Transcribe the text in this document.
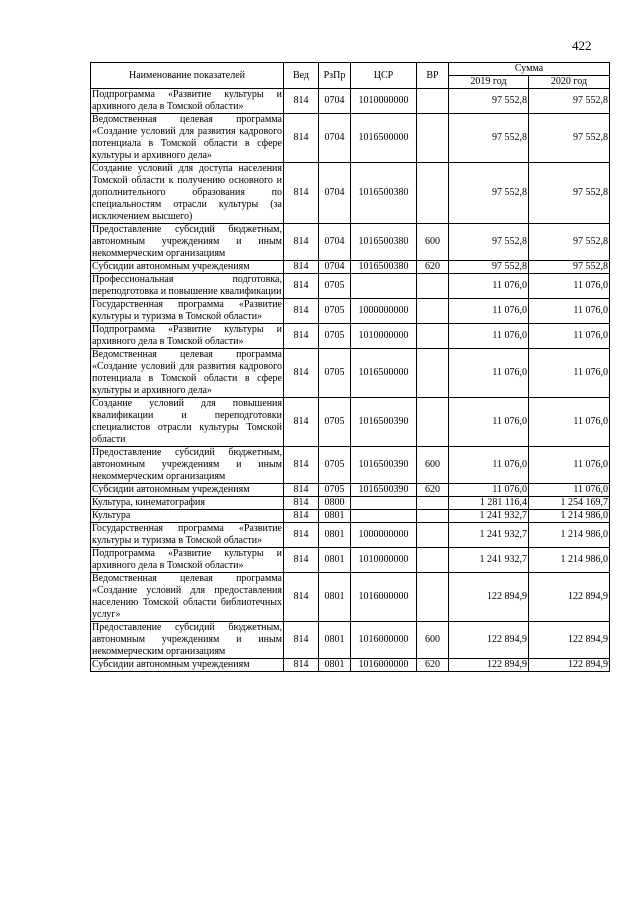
422
Наименование показателей	Вед	РзПр	ЦСР	ВР	Сумма	
					2019 год	2020 год
Подпрограмма «Развитие культуры и архивного дела в Томской области»	814	0704	1010000000		97 552,8	97 552,8
Ведомственная целевая программа «Создание условий для развития кадрового потенциала в Томской области в сфере культуры и архивного дела»	814	0704	1016500000		97 552,8	97 552,8
Создание условий для доступа населения Томской области к получению основного и дополнительного образования по специальностям отрасли культуры (за исключением высшего)	814	0704	1016500380		97 552,8	97 552,8
Предоставление субсидий бюджетным, автономным учреждениям и иным некоммерческим организациям	814	0704	1016500380	600	97 552,8	97 552,8
Субсидии автономным учреждениям	814	0704	1016500380	620	97 552,8	97 552,8
Профессиональная подготовка, переподготовка и повышение квалификации	814	0705			11 076,0	11 076,0
Государственная программа «Развитие культуры и туризма в Томской области»	814	0705	1000000000		11 076,0	11 076,0
Подпрограмма «Развитие культуры и архивного дела в Томской области»	814	0705	1010000000		11 076,0	11 076,0
Ведомственная целевая программа «Создание условий для развития кадрового потенциала в Томской области в сфере культуры и архивного дела»	814	0705	1016500000		11 076,0	11 076,0
Создание условий для повышения квалификации и переподготовки специалистов отрасли культуры Томской области	814	0705	1016500390		11 076,0	11 076,0
Предоставление субсидий бюджетным, автономным учреждениям и иным некоммерческим организациям	814	0705	1016500390	600	11 076,0	11 076,0
Субсидии автономным учреждениям	814	0705	1016500390	620	11 076,0	11 076,0
Культура, кинематография	814	0800			1 281 116,4	1 254 169,7
Культура	814	0801			1 241 932,7	1 214 986,0
Государственная программа «Развитие культуры и туризма в Томской области»	814	0801	1000000000		1 241 932,7	1 214 986,0
Подпрограмма «Развитие культуры и архивного дела в Томской области»	814	0801	1010000000		1 241 932,7	1 214 986,0
Ведомственная целевая программа «Создание условий для предоставления населению Томской области библиотечных услуг»	814	0801	1016000000		122 894,9	122 894,9
Предоставление субсидий бюджетным, автономным учреждениям и иным некоммерческим организациям	814	0801	1016000000	600	122 894,9	122 894,9
Субсидии автономным учреждениям	814	0801	1016000000	620	122 894,9	122 894,9
